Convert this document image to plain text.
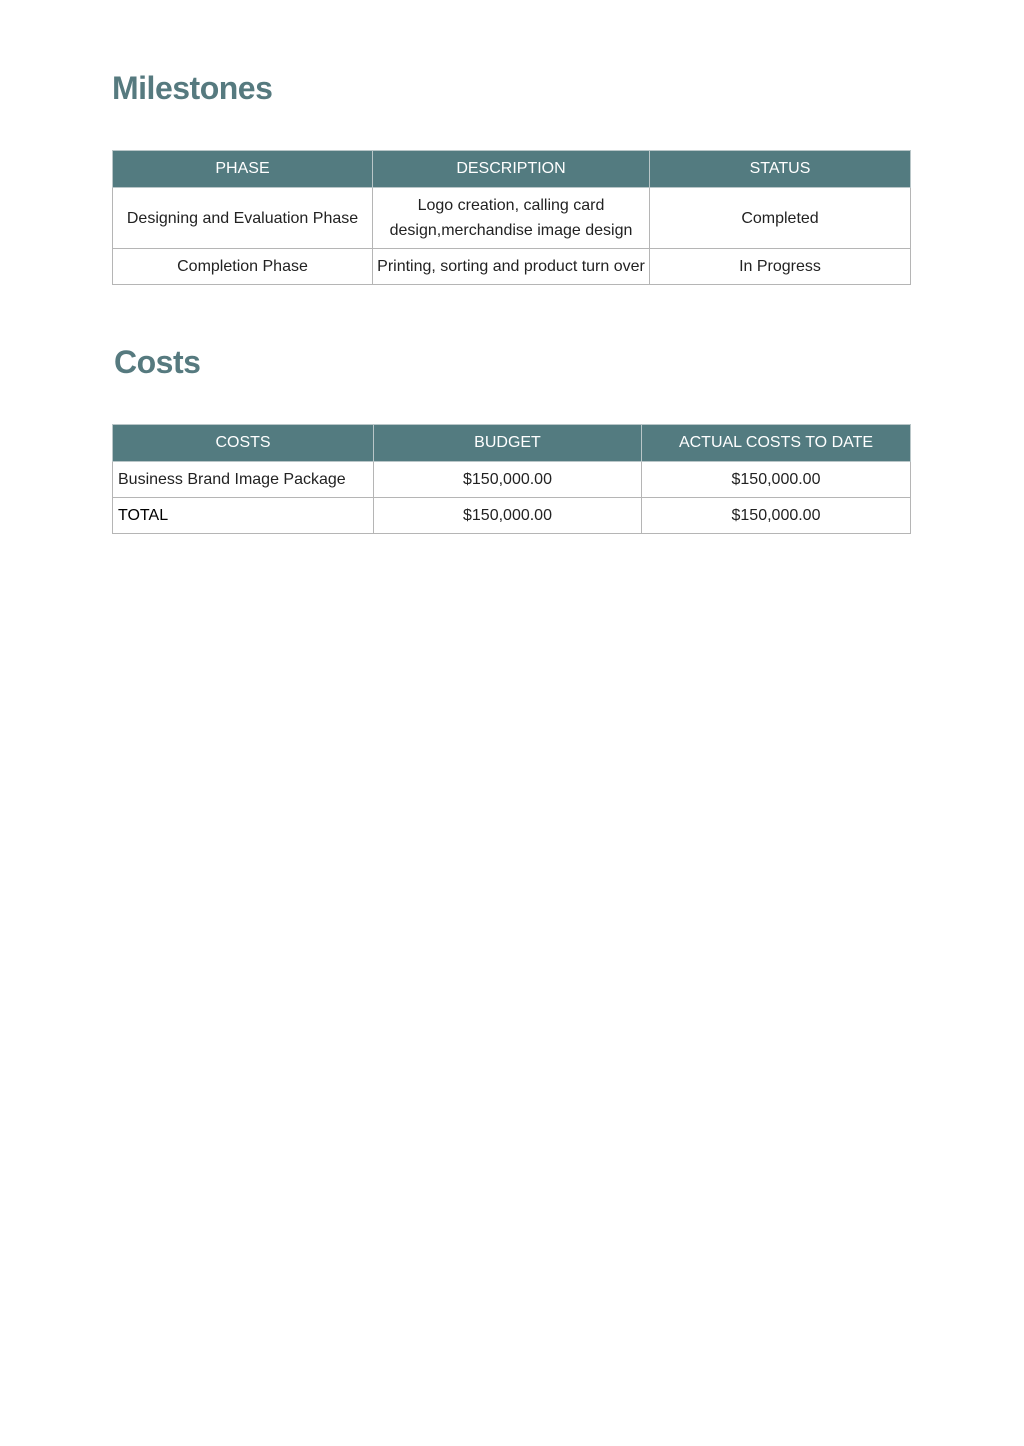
Milestones
PHASE	DESCRIPTION	STATUS
Designing and Evaluation Phase	Logo creation, calling card design,merchandise image design	Completed
Completion Phase	Printing, sorting and product turn over	In Progress
Costs
COSTS	BUDGET	ACTUAL COSTS TO DATE
Business Brand Image Package	$150,000.00	$150,000.00
TOTAL	$150,000.00	$150,000.00
